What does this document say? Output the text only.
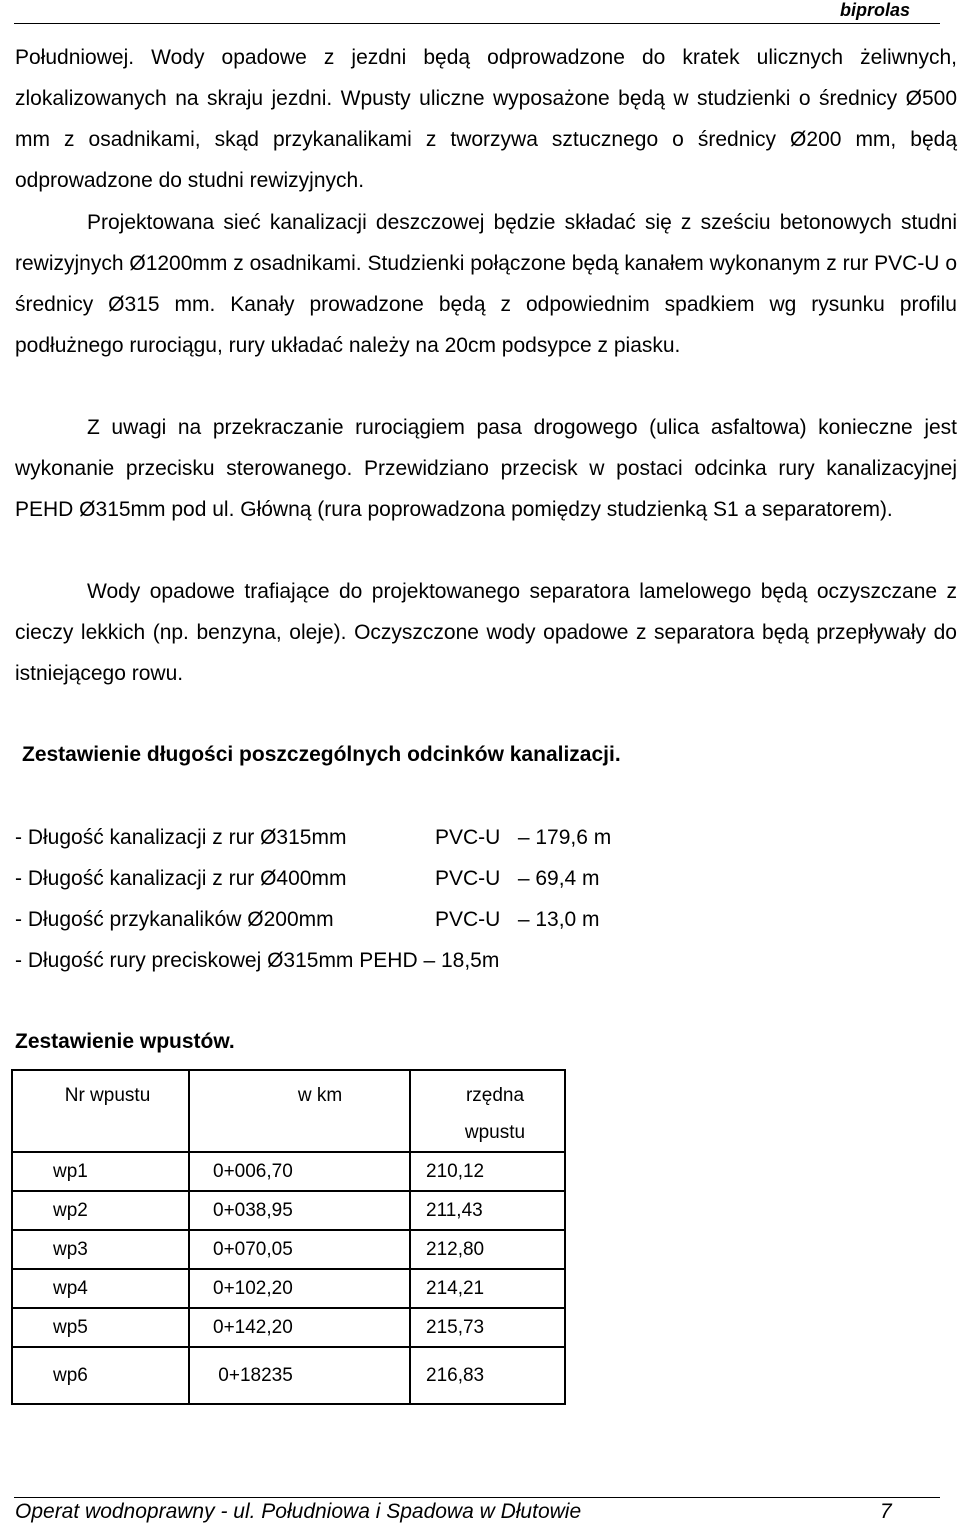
biprolas
Południowej. Wody opadowe z jezdni będą odprowadzone do kratek ulicznych żeliwnych, zlokalizowanych na skraju jezdni. Wpusty uliczne wyposażone będą w studzienki o średnicy Ø500 mm z osadnikami, skąd przykanalikami z tworzywa sztucznego o średnicy Ø200 mm, będą odprowadzone do studni rewizyjnych.
Projektowana sieć kanalizacji deszczowej będzie składać się z sześciu betonowych studni rewizyjnych Ø1200mm z osadnikami. Studzienki połączone będą kanałem wykonanym z rur PVC-U o średnicy Ø315 mm. Kanały prowadzone będą z odpowiednim spadkiem wg rysunku profilu podłużnego rurociągu, rury układać należy na 20cm podsypce z piasku.
Z uwagi na przekraczanie rurociągiem pasa drogowego (ulica asfaltowa) konieczne jest wykonanie przecisku sterowanego. Przewidziano przecisk w postaci odcinka rury kanalizacyjnej PEHD Ø315mm pod ul. Główną (rura poprowadzona pomiędzy studzienką S1 a separatorem).
Wody opadowe trafiające do projektowanego separatora lamelowego będą oczyszczane z cieczy lekkich (np. benzyna, oleje). Oczyszczone wody opadowe z separatora będą przepływały do istniejącego rowu.
Zestawienie długości poszczególnych odcinków kanalizacji.
- Długość kanalizacji z rur Ø315mm	PVC-U   – 179,6 m
- Długość kanalizacji z rur Ø400mm	PVC-U   – 69,4 m
- Długość przykanalików Ø200mm	PVC-U   – 13,0 m
- Długość rury preciskowej Ø315mm PEHD – 18,5m
Zestawienie wpustów.
Nr wpustu	w km	rzędna
wpustu

wp1	0+006,70	210,12
wp2	0+038,95	211,43
wp3	0+070,05	212,80
wp4	0+102,20	214,21
wp5	0+142,20	215,73
wp6	0+18235	216,83
Operat wodnoprawny - ul. Południowa i Spadowa w Dłutowie	7
